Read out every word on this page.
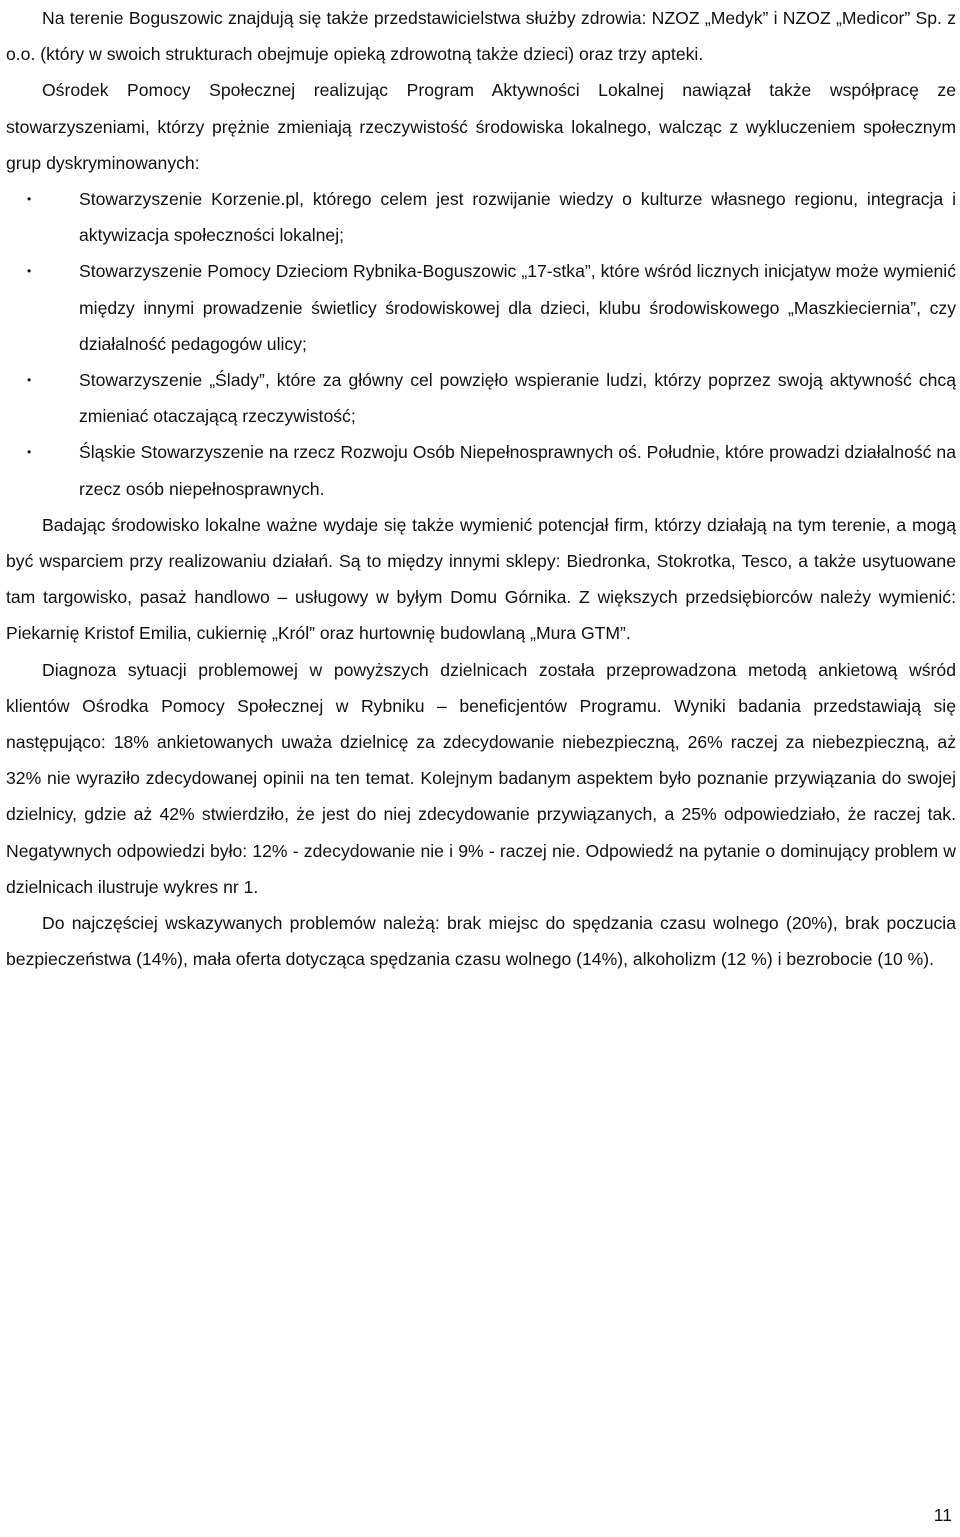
Na terenie Boguszowic znajdują się także przedstawicielstwa służby zdrowia: NZOZ „Medyk” i NZOZ „Medicor” Sp. z o.o. (który w swoich strukturach obejmuje opieką zdrowotną także dzieci) oraz trzy apteki.

Ośrodek Pomocy Społecznej realizując Program Aktywności Lokalnej nawiązał także współpracę ze stowarzyszeniami, którzy prężnie zmieniają rzeczywistość środowiska lokalnego, walcząc z wykluczeniem społecznym grup dyskryminowanych:

•	Stowarzyszenie Korzenie.pl, którego celem jest rozwijanie wiedzy o kulturze własnego regionu, integracja i aktywizacja społeczności lokalnej;
•	Stowarzyszenie Pomocy Dzieciom Rybnika-Boguszowic „17-stka”, które wśród licznych inicjatyw może wymienić między innymi prowadzenie świetlicy środowiskowej dla dzieci, klubu środowiskowego „Maszkieciernia”, czy działalność pedagogów ulicy;
•	Stowarzyszenie „Ślady”, które za główny cel powzięło wspieranie ludzi, którzy poprzez swoją aktywność chcą zmieniać otaczającą rzeczywistość;
•	Śląskie Stowarzyszenie na rzecz Rozwoju Osób Niepełnosprawnych oś. Południe, które prowadzi działalność na rzecz osób niepełnosprawnych.

Badając środowisko lokalne ważne wydaje się także wymienić potencjał firm, którzy działają na tym terenie, a mogą być wsparciem przy realizowaniu działań. Są to między innymi sklepy: Biedronka, Stokrotka, Tesco, a także usytuowane tam targowisko, pasaż handlowo – usługowy w byłym Domu Górnika. Z większych przedsiębiorców należy wymienić: Piekarnię Kristof Emilia, cukiernię „Król” oraz hurtownię budowlaną „Mura GTM”.

Diagnoza sytuacji problemowej w powyższych dzielnicach została przeprowadzona metodą ankietową wśród klientów Ośrodka Pomocy Społecznej w Rybniku – beneficjentów Programu. Wyniki badania przedstawiają się następująco: 18% ankietowanych uważa dzielnicę za zdecydowanie niebezpieczną, 26% raczej za niebezpieczną, aż 32% nie wyraziło zdecydowanej opinii na ten temat. Kolejnym badanym aspektem było poznanie przywiązania do swojej dzielnicy, gdzie aż 42% stwierdziło, że jest do niej zdecydowanie przywiązanych, a 25% odpowiedziało, że raczej tak. Negatywnych odpowiedzi było: 12% - zdecydowanie nie i 9% - raczej nie. Odpowiedź na pytanie o dominujący problem w dzielnicach ilustruje wykres nr 1.

Do najczęściej wskazywanych problemów należą: brak miejsc do spędzania czasu wolnego (20%), brak poczucia bezpieczeństwa (14%), mała oferta dotycząca spędzania czasu wolnego (14%), alkoholizm (12 %) i bezrobocie (10 %).

11
